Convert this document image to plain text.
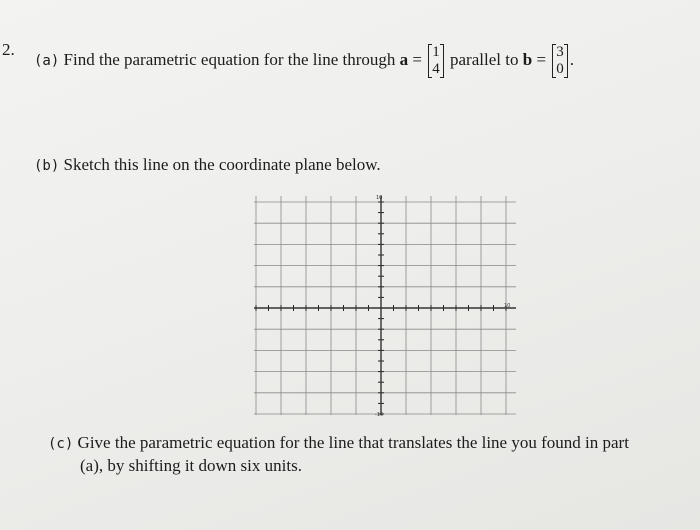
2.
(a) Find the parametric equation for the line through a = 1
4
parallel to b = 3
0
.
(b) Sketch this line on the coordinate plane below.
10
-10
10
(c) Give the parametric equation for the line that translates the line you found in part
(a), by shifting it down six units.
